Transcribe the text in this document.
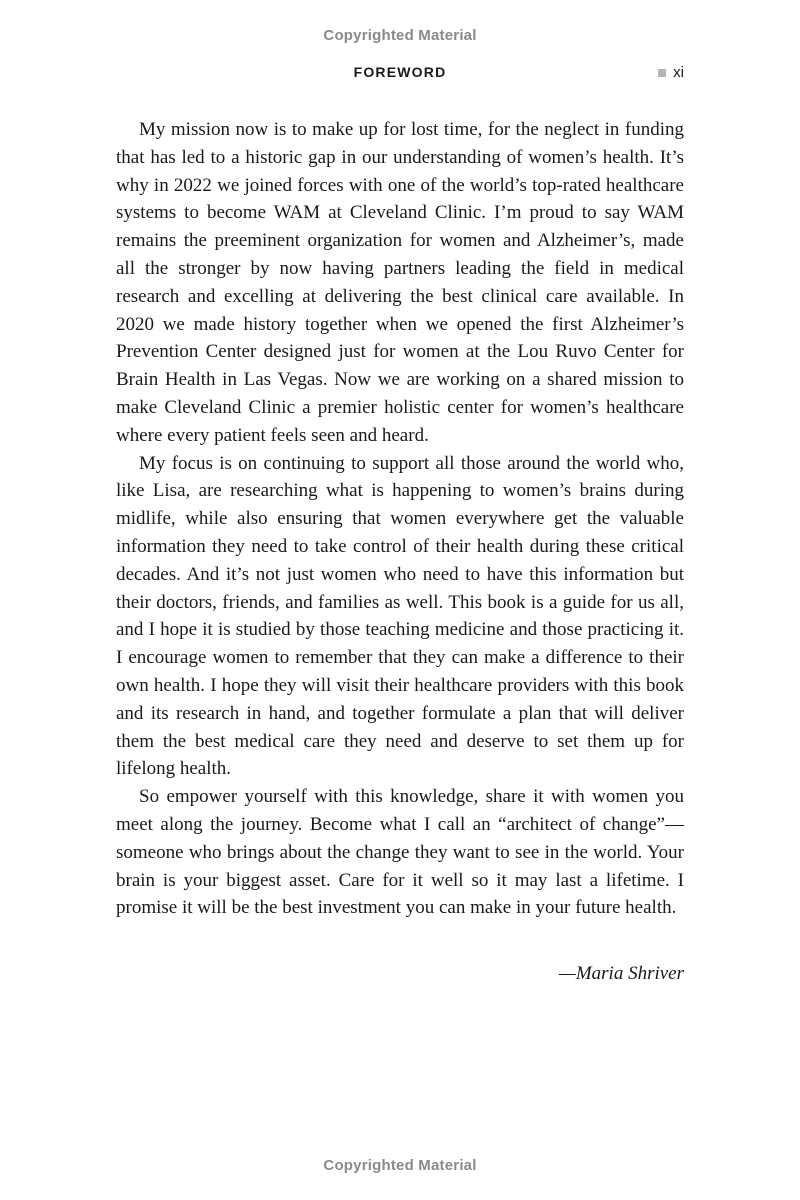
Copyrighted Material
FOREWORD	xi

My mission now is to make up for lost time, for the neglect in funding that has led to a historic gap in our understanding of women’s health. It’s why in 2022 we joined forces with one of the world’s top-rated healthcare systems to become WAM at Cleveland Clinic. I’m proud to say WAM remains the preeminent organization for women and Alzheimer’s, made all the stronger by now having partners leading the field in medical research and excelling at delivering the best clinical care available. In 2020 we made history together when we opened the first Alzheimer’s Prevention Center designed just for women at the Lou Ruvo Center for Brain Health in Las Vegas. Now we are working on a shared mission to make Cleveland Clinic a premier holistic center for women’s healthcare where every patient feels seen and heard.

My focus is on continuing to support all those around the world who, like Lisa, are researching what is happening to women’s brains during midlife, while also ensuring that women everywhere get the valuable information they need to take control of their health during these critical decades. And it’s not just women who need to have this information but their doctors, friends, and families as well. This book is a guide for us all, and I hope it is studied by those teaching medicine and those practicing it. I encourage women to remember that they can make a difference to their own health. I hope they will visit their healthcare providers with this book and its research in hand, and together formulate a plan that will deliver them the best medical care they need and deserve to set them up for lifelong health.

So empower yourself with this knowledge, share it with women you meet along the journey. Become what I call an “architect of change”—someone who brings about the change they want to see in the world. Your brain is your biggest asset. Care for it well so it may last a lifetime. I promise it will be the best investment you can make in your future health.

—Maria Shriver
Copyrighted Material
